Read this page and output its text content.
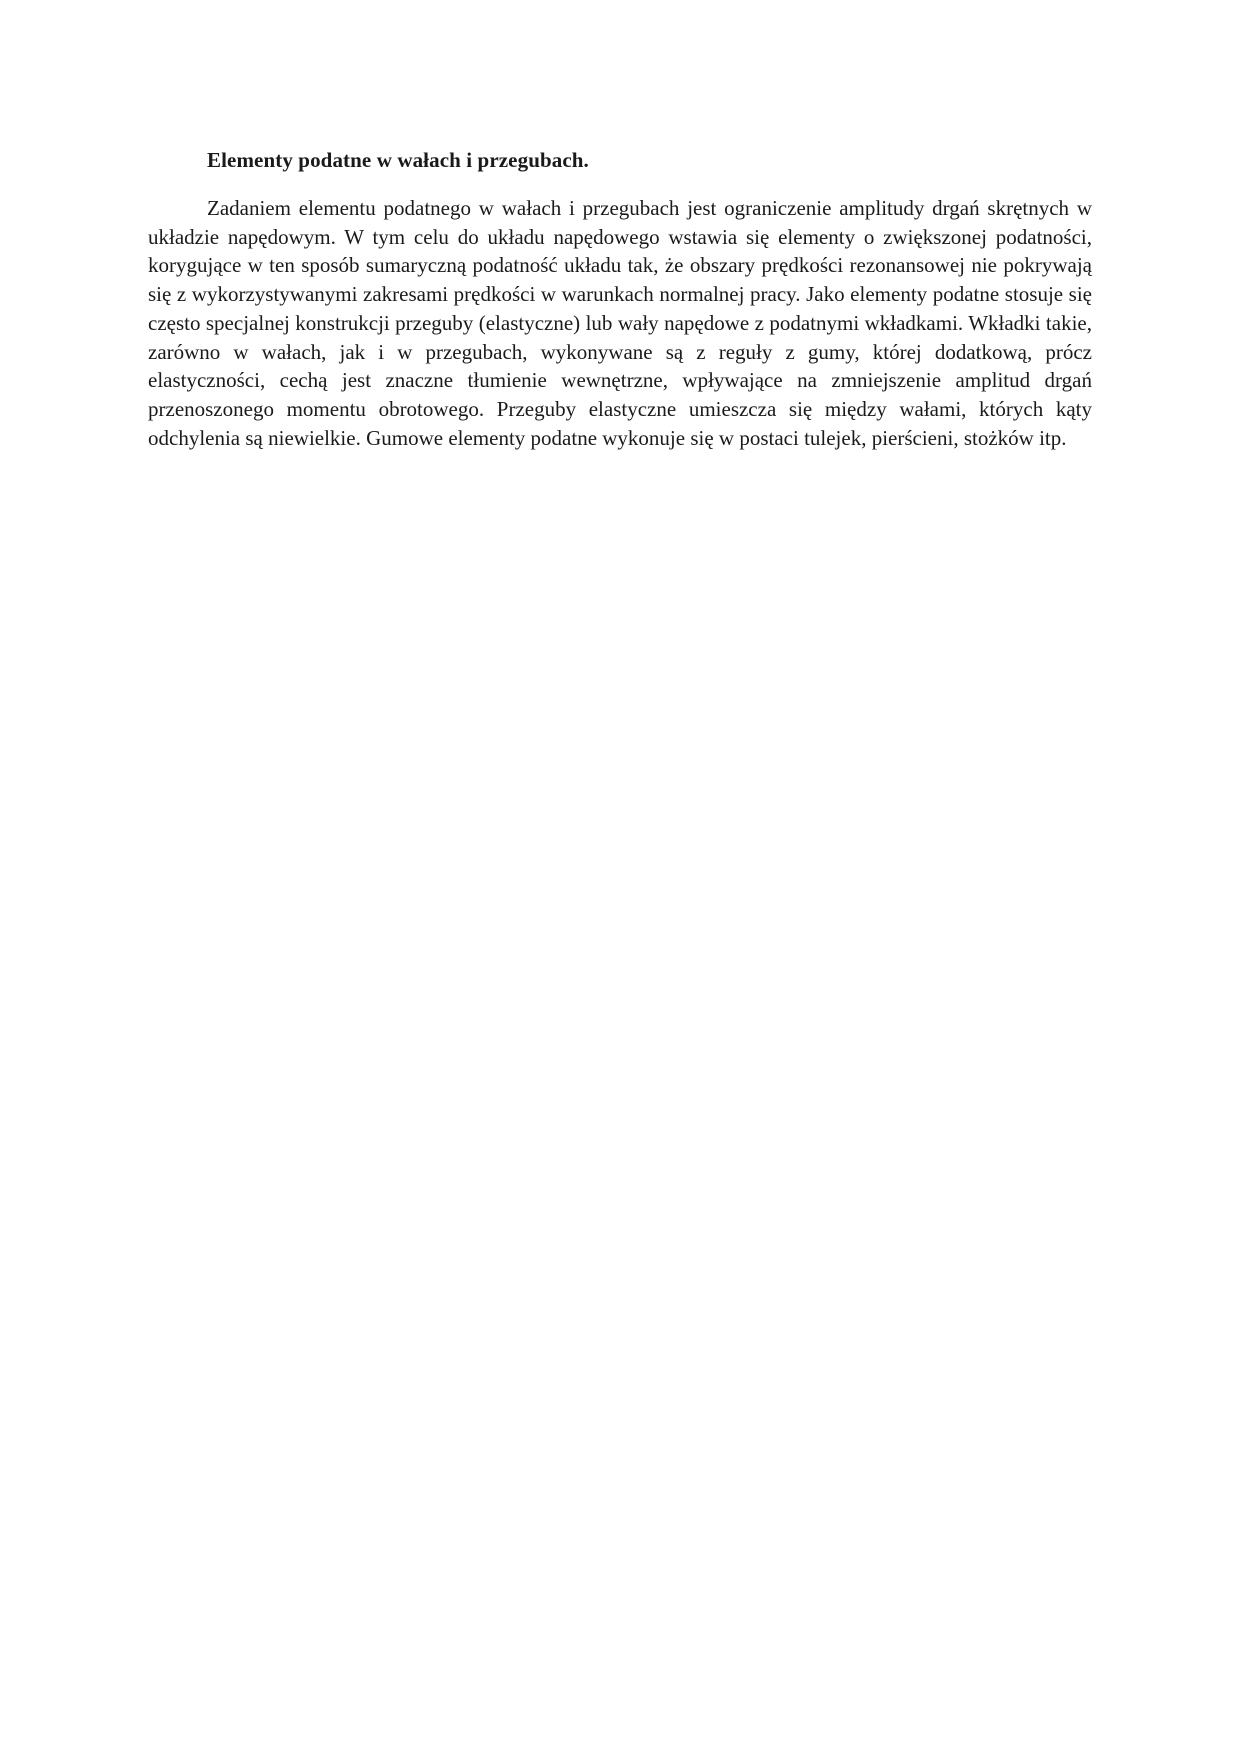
Elementy podatne w wałach i przegubach.

Zadaniem elementu podatnego w wałach i przegubach jest ograniczenie amplitudy drgań skrętnych w układzie napędowym. W tym celu do układu napędowego wstawia się elementy o zwiększonej podatności, korygujące w ten sposób sumaryczną podatność układu tak, że obszary prędkości rezonansowej nie pokrywają się z wykorzystywanymi zakresami prędkości w warunkach normalnej pracy. Jako elementy podatne stosuje się często specjalnej konstrukcji przeguby (elastyczne) lub wały napędowe z podatnymi wkładkami. Wkładki takie, zarówno w wałach, jak i w przegubach, wykonywane są z reguły z gumy, której dodatkową, prócz elastyczności, cechą jest znaczne tłumienie wewnętrzne, wpływające na zmniejszenie amplitud drgań przenoszonego momentu obrotowego. Przeguby elastyczne umieszcza się między wałami, których kąty odchylenia są niewielkie. Gumowe elementy podatne wykonuje się w postaci tulejek, pierścieni, stożków itp.
